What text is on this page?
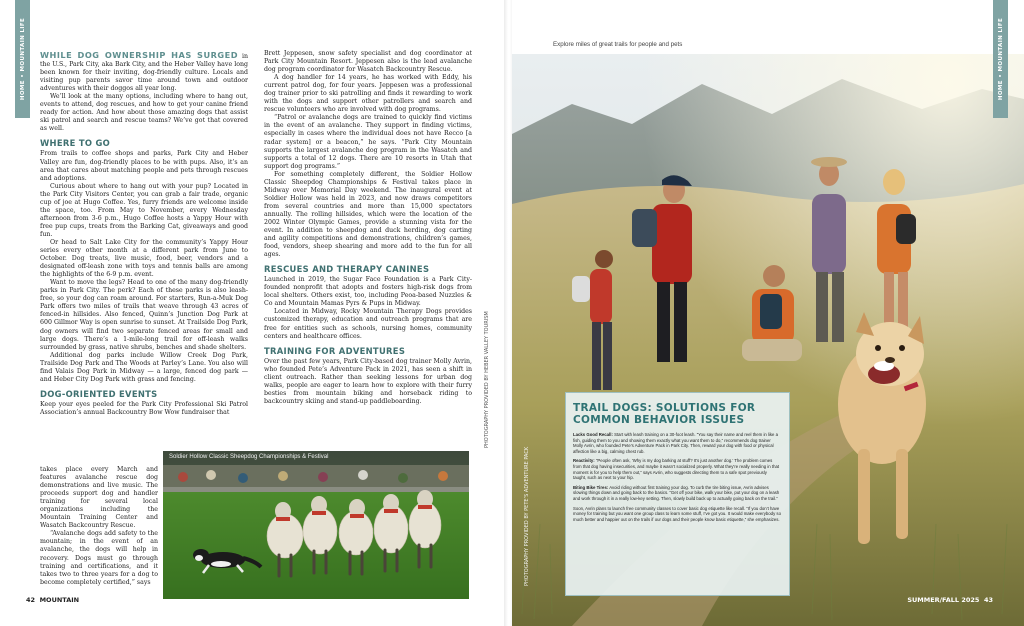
HOME • MOUNTAIN LIFE WHILE DOG OWNERSHIP HAS SURGED in the U.S., Park City, aka Bark City, and the Heber Valley have long been known for their inviting, dog-friendly culture. Locals and visiting pup parents savor time around town and outdoor adventures with their doggos all year long.

We’ll look at the many options, including where to hang out, events to attend, dog rescues, and how to get your canine friend ready for action. And how about those amazing dogs that assist ski patrol and search and rescue teams? We’ve got that covered as well.

WHERE TO GO

From trails to coffee shops and parks, Park City and Heber Valley are fun, dog-friendly places to be with pups. Also, it’s an area that cares about matching people and pets through rescues and adoptions.

Curious about where to hang out with your pup? Located in the Park City Visitors Center, you can grab a fair trade, organic cup of joe at Hugo Coffee. Yes, furry friends are welcome inside the space, too. From May to November, every Wednesday afternoon from 3-6 p.m., Hugo Coffee hosts a Yappy Hour with free pup cups, treats from the Barking Cat, giveaways and good fun.

Or head to Salt Lake City for the community’s Yappy Hour series every other month at a different park from June to October. Dog treats, live music, food, beer, vendors and a designated off-leash zone with toys and tennis balls are among the highlights of the 6-9 p.m. event.

Want to move the legs? Head to one of the many dog-friendly parks in Park City. The perk? Each of these parks is also leash-free, so your dog can roam around. For starters, Run-a-Muk Dog Park offers two miles of trails that weave through 43 acres of fenced-in hillsides. Also fenced, Quinn’s Junction Dog Park at 600 Gillmor Way is open sunrise to sunset. At Trailside Dog Park, dog owners will find two separate fenced areas for small and large dogs. There’s a 1-mile-long trail for off-leash walks surrounded by grass, native shrubs, benches and shade shelters.

Additional dog parks include Willow Creek Dog Park, Trailside Dog Park and The Woods at Parley’s Lane. You also will find Valais Dog Park in Midway — a large, fenced dog park — and Heber City Dog Park with grass and fencing.

DOG-ORIENTED EVENTS

Keep your eyes peeled for the Park City Professional Ski Patrol Association’s annual Backcountry Bow Wow fundraiser that

takes place every March and features avalanche rescue dog demonstrations and live music. The proceeds support dog and handler training for several local organizations including the Mountain Training Center and Wasatch Backcountry Rescue.

“Avalanche dogs add safety to the mountain; in the event of an avalanche, the dogs will help in recovery. Dogs must go through training and certifications, and it takes two to three years for a dog to become completely certified,” says

Brett Jeppesen, snow safety specialist and dog coordinator at Park City Mountain Resort. Jeppesen also is the lead avalanche dog program coordinator for Wasatch Backcountry Rescue.

A dog handler for 14 years, he has worked with Eddy, his current patrol dog, for four years. Jeppesen was a professional dog trainer prior to ski patrolling and finds it rewarding to work with the dogs and support other patrollers and search and rescue volunteers who are involved with dog programs.

“Patrol or avalanche dogs are trained to quickly find victims in the event of an avalanche. They support in finding victims, especially in cases where the individual does not have Recco [a radar system] or a beacon,” he says. “Park City Mountain supports the largest avalanche dog program in the Wasatch and supports a total of 12 dogs. There are 10 resorts in Utah that support dog programs.”

For something completely different, the Soldier Hollow Classic Sheepdog Championships & Festival takes place in Midway over Memorial Day weekend. The inaugural event at Soldier Hollow was held in 2023, and now draws competitors from several countries and more than 15,000 spectators annually. The rolling hillsides, which were the location of the 2002 Winter Olympic Games, provide a stunning vista for the event. In addition to sheepdog and duck herding, dog carting and agility competitions and demonstrations, children’s games, food, vendors, sheep shearing and more add to the fun for all ages.

RESCUES AND THERAPY CANINES

Launched in 2019, the Sugar Face Foundation is a Park City-founded nonprofit that adopts and fosters high-risk dogs from local shelters. Others exist, too, including Peoa-based Nuzzles & Co and Mountain Mamas Pyrs & Pups in Midway.

Located in Midway, Rocky Mountain Therapy Dogs provides customized therapy, education and outreach programs that are free for entities such as schools, nursing homes, community centers and healthcare offices.

TRAINING FOR ADVENTURES

Over the past few years, Park City-based dog trainer Molly Avrin, who founded Pete’s Adventure Pack in 2021, has seen a shift in client outreach. Rather than seeking lessons for urban dog walks, people are eager to learn how to explore with their furry besties from mountain biking and horseback riding to backcountry skiing and stand-up paddleboarding.

Soldier Hollow Classic Sheepdog Championships & Festival
PHOTOGRAPHY PROVIDED BY HEBER VALLEY TOURISM
42 MOUNTAIN
Explore miles of great trails for people and pets	HOME • MOUNTAIN LIFE
PHOTOGRAPHY PROVIDED BY PETE’S ADVENTURE PACK
SUMMER/FALL 2025 43
TRAIL DOGS: SOLUTIONS FOR COMMON BEHAVIOR ISSUES

Lacks Good Recall: Start with leash training on a 30-foot leash. “You say their name and reel them in like a fish, guiding them to you and showing them exactly what you want them to do,” recommends dog trainer Molly Avrin, who founded Pete’s Adventure Pack in Park City. Then, reward your dog with food or physical affection like a big, calming chest rub.

Reactivity: “People often ask, ‘Why is my dog barking at stuff? It’s just another dog.’ The problem comes from that dog having insecurities, and maybe it wasn’t socialized properly. What they’re really needing in that moment is for you to help them out,” says Avrin, who suggests directing them to a safe spot previously taught, such as next to your hip.

Biting Bike Tires: Avoid riding without first training your dog. To curb the tire biting issue, Avrin advises slowing things down and going back to the basics. “Get off your bike, walk your bike, put your dog on a leash and work through it in a really low-key setting. Then, slowly build back up to actually going back on the trail.”

Soon, Avrin plans to launch free community classes to cover basic dog etiquette like recall. “If you don’t have money for training but you want one group class to learn some stuff, I’ve got you. It would make everybody so much better and happier out on the trails if our dogs and their people know basic etiquette,” she emphasizes.
